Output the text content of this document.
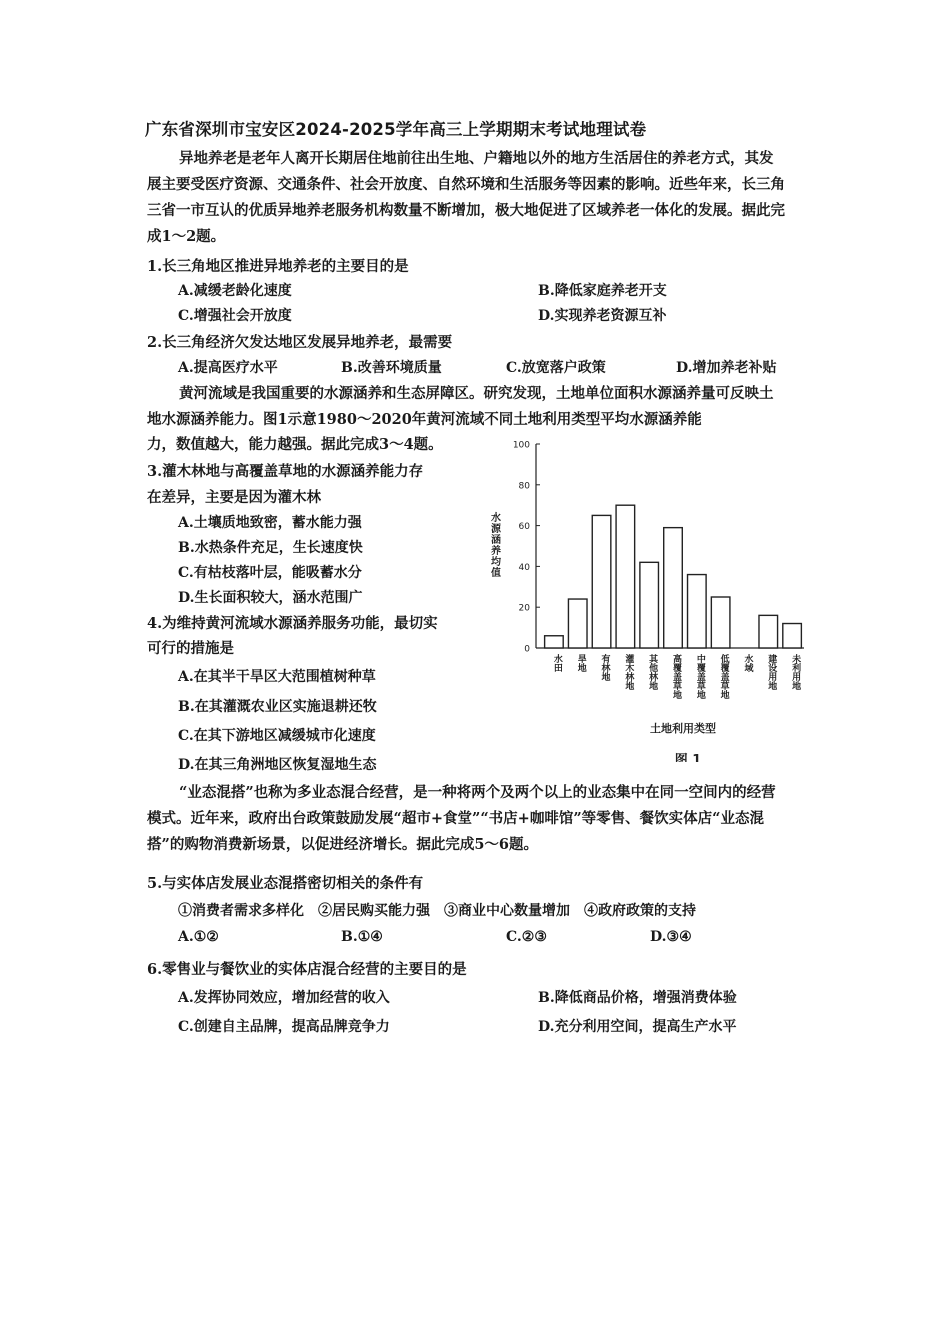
广东省深圳市宝安区2024-2025学年高三上学期期末考试地理试卷
异地养老是老年人离开长期居住地前往出生地、户籍地以外的地方生活居住的养老方式，其发展主要受医疗资源、交通条件、社会开放度、自然环境和生活服务等因素的影响。近些年来，长三角三省一市互认的优质异地养老服务机构数量不断增加，极大地促进了区域养老一体化的发展。据此完成1～2题。
1.长三角地区推进异地养老的主要目的是
A.减缓老龄化速度	B.降低家庭养老开支
C.增强社会开放度	D.实现养老资源互补
2.长三角经济欠发达地区发展异地养老，最需要
A.提高医疗水平	B.改善环境质量	C.放宽落户政策	D.增加养老补贴
黄河流域是我国重要的水源涵养和生态屏障区。研究发现，土地单位面积水源涵养量可反映土地水源涵养能力。图1示意1980～2020年黄河流域不同土地利用类型平均水源涵养能
力，数值越大，能力越强。据此完成3～4题。
3.灌木林地与高覆盖草地的水源涵养能力存
在差异，主要是因为灌木林
A.土壤质地致密，蓄水能力强
B.水热条件充足，生长速度快
C.有枯枝落叶层，能吸蓄水分
D.生长面积较大，涵水范围广
4.为维持黄河流域水源涵养服务功能，最切实
可行的措施是
A.在其半干旱区大范围植树种草
B.在其灌溉农业区实施退耕还牧
C.在其下游地区减缓城市化速度
D.在其三角洲地区恢复湿地生态
水源涵养均值
0
20
40
60
80
100
水田 旱地 有林地 灌木林地 其他林地 高覆盖草地 中覆盖草地 低覆盖草地 水域 建设用地 未利用地
土地利用类型
图 1
“业态混搭”也称为多业态混合经营，是一种将两个及两个以上的业态集中在同一空间内的经营模式。近年来，政府出台政策鼓励发展“超市+食堂”“书店+咖啡馆”等零售、餐饮实体店“业态混搭”的购物消费新场景，以促进经济增长。据此完成5～6题。
5.与实体店发展业态混搭密切相关的条件有
①消费者需求多样化　②居民购买能力强　③商业中心数量增加　④政府政策的支持
A.①②	B.①④	C.②③	D.③④
6.零售业与餐饮业的实体店混合经营的主要目的是
A.发挥协同效应，增加经营的收入	B.降低商品价格，增强消费体验
C.创建自主品牌，提高品牌竞争力	D.充分利用空间，提高生产水平
